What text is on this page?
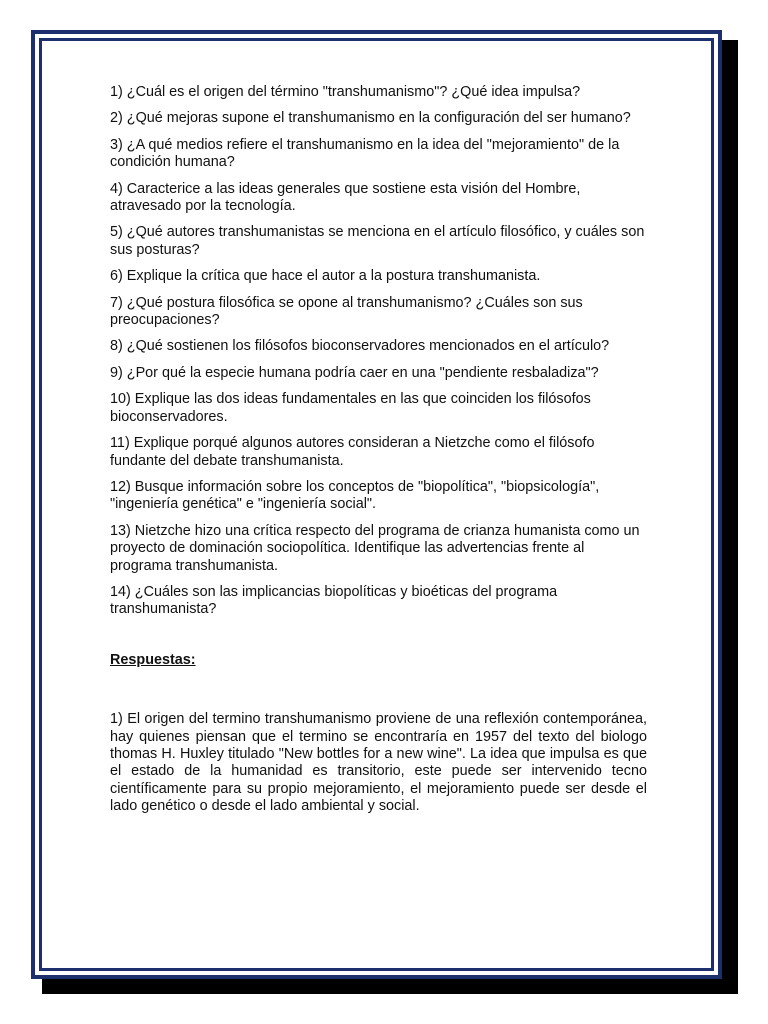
1) ¿Cuál es el origen del término "transhumanismo"? ¿Qué idea impulsa?

2) ¿Qué mejoras supone el transhumanismo en la configuración del ser humano?

3) ¿A qué medios refiere el transhumanismo en la idea del "mejoramiento" de la condición humana?

4) Caracterice a las ideas generales que sostiene esta visión del Hombre, atravesado por la tecnología.

5) ¿Qué autores transhumanistas se menciona en el artículo filosófico, y cuáles son sus posturas?

6) Explique la crítica que hace el autor a la postura transhumanista.

7) ¿Qué postura filosófica se opone al transhumanismo? ¿Cuáles son sus preocupaciones?

8) ¿Qué sostienen los filósofos bioconservadores mencionados en el artículo?

9) ¿Por qué la especie humana podría caer en una "pendiente resbaladiza"?

10) Explique las dos ideas fundamentales en las que coinciden los filósofos bioconservadores.

11) Explique porqué algunos autores consideran a Nietzche como el filósofo fundante del debate transhumanista.

12) Busque información sobre los conceptos de "biopolítica", "biopsicología", "ingeniería genética" e "ingeniería social".

13) Nietzche hizo una crítica respecto del programa de crianza humanista como un proyecto de dominación sociopolítica. Identifique las advertencias frente al programa transhumanista.

14) ¿Cuáles son las implicancias biopolíticas y bioéticas del programa transhumanista?

Respuestas:

1) El origen del termino transhumanismo proviene de una reflexión contemporánea, hay quienes piensan que el termino se encontraría en 1957 del texto del biologo thomas H. Huxley titulado "New bottles for a new wine". La idea que impulsa es que el estado de la humanidad es transitorio, este puede ser intervenido tecno científicamente para su propio mejoramiento, el mejoramiento puede ser desde el lado genético o desde el lado ambiental y social.
